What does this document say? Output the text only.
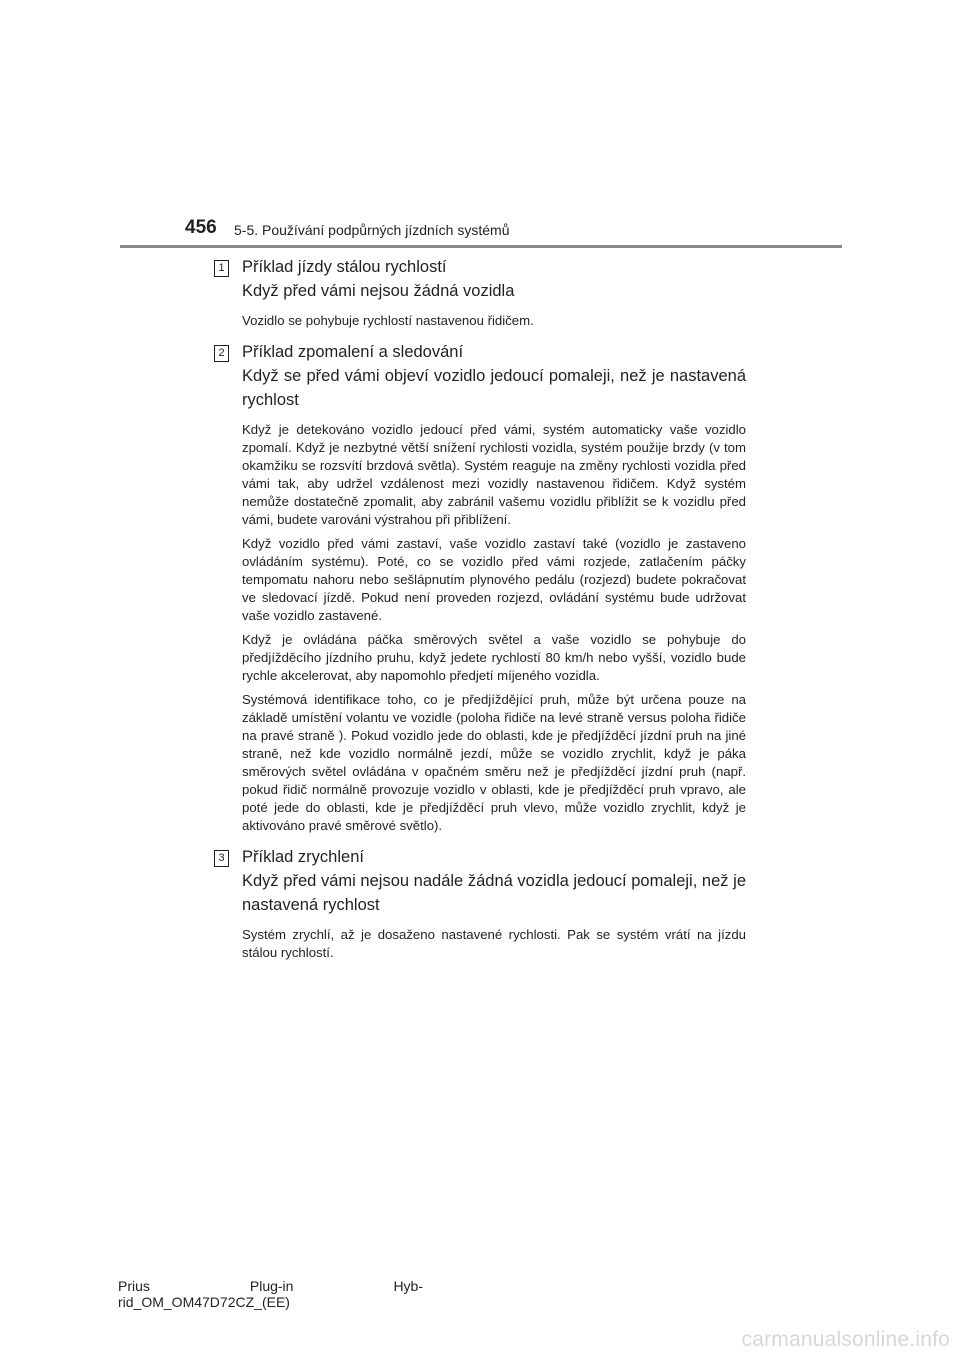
456 5-5. Používání podpůrných jízdních systémů
1 Příklad jízdy stálou rychlostí

Když před vámi nejsou žádná vozidla

Vozidlo se pohybuje rychlostí nastavenou řidičem.

2 Příklad zpomalení a sledování

Když se před vámi objeví vozidlo jedoucí pomaleji, než je nastavená rychlost

Když je detekováno vozidlo jedoucí před vámi, systém automaticky vaše vozidlo zpomalí. Když je nezbytné větší snížení rychlosti vozidla, systém použije brzdy (v tom okamžiku se rozsvítí brzdová světla). Systém reaguje na změny rychlosti vozidla před vámi tak, aby udržel vzdálenost mezi vozidly nastavenou řidičem. Když systém nemůže dostatečně zpomalit, aby zabránil vašemu vozidlu přiblížit se k vozidlu před vámi, budete varováni výstrahou při přiblížení.

Když vozidlo před vámi zastaví, vaše vozidlo zastaví také (vozidlo je zastaveno ovládáním systému). Poté, co se vozidlo před vámi rozjede, zatlačením páčky tempomatu nahoru nebo sešlápnutím plynového pedálu (rozjezd) budete pokračovat ve sledovací jízdě. Pokud není proveden rozjezd, ovládání systému bude udržovat vaše vozidlo zastavené.

Když je ovládána páčka směrových světel a vaše vozidlo se pohybuje do předjížděcího jízdního pruhu, když jedete rychlostí 80 km/h nebo vyšší, vozidlo bude rychle akcelerovat, aby napomohlo předjetí míjeného vozidla.

Systémová identifikace toho, co je předjíždějící pruh, může být určena pouze na základě umístění volantu ve vozidle (poloha řidiče na levé straně versus poloha řidiče na pravé straně ). Pokud vozidlo jede do oblasti, kde je předjížděcí jízdní pruh na jiné straně, než kde vozidlo normálně jezdí, může se vozidlo zrychlit, když je páka směrových světel ovládána v opačném směru než je předjížděcí jízdní pruh (např. pokud řidič normálně provozuje vozidlo v oblasti, kde je předjížděcí pruh vpravo, ale poté jede do oblasti, kde je předjížděcí pruh vlevo, může vozidlo zrychlit, když je aktivováno pravé směrové světlo).

3 Příklad zrychlení

Když před vámi nejsou nadále žádná vozidla jedoucí pomaleji, než je nastavená rychlost

Systém zrychlí, až je dosaženo nastavené rychlosti. Pak se systém vrátí na jízdu stálou rychlostí.

Prius	Plug-in	Hyb-
rid_OM_OM47D72CZ_(EE)
carmanualsonline.info
